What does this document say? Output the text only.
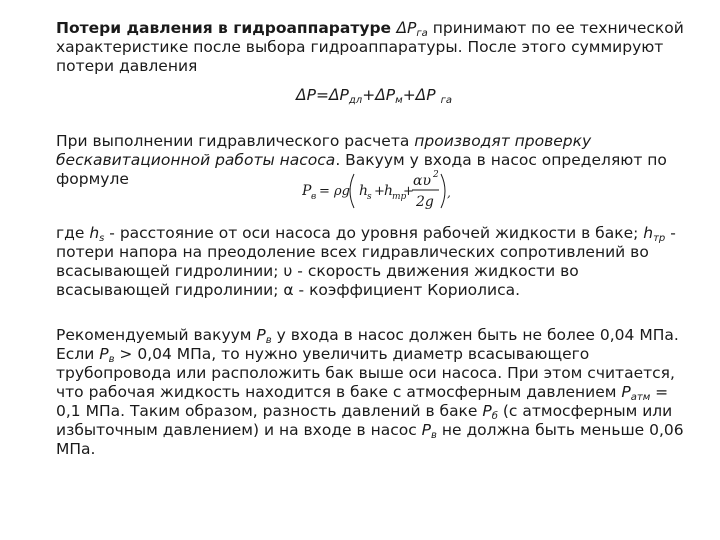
Потери давления в гидроаппаратуре $\Delta P_{га}$ принимают по ее технической характеристике после выбора гидроаппаратуры. После этого суммируют потери давления

$\Delta P=\Delta P_{дл}+\Delta P_м+\Delta P$ $_{га}$

При выполнении гидравлического расчета производят проверку бескавитационной работы насоса. Вакуум у входа в насос определяют по формуле

P в = ρg h
s + h
тр
+
αυ 2
2g
,

где $h_s$ - расстояние от оси насоса до уровня рабочей жидкости в баке; $h_{тр}$ - потери напора на преодоление всех гидравлических сопротивлений во всасывающей гидролинии; υ - скорость движения жидкости во всасывающей гидролинии; α - коэффициент Кориолиса.

Рекомендуемый вакуум $P_в$ у входа в насос должен быть не более 0,04 МПа. Если $P_в > 0,04$ МПа, то нужно увеличить диаметр всасывающего трубопровода или расположить бак выше оси насоса. При этом считается, что рабочая жидкость находится в баке с атмосферным давлением $P_{атм} = 0,1$ МПа. Таким образом, разность давлений в баке $P_б$ (с атмосферным или избыточным давлением) и на входе в насос $P_в$ не должна быть меньше 0,06 МПа.
